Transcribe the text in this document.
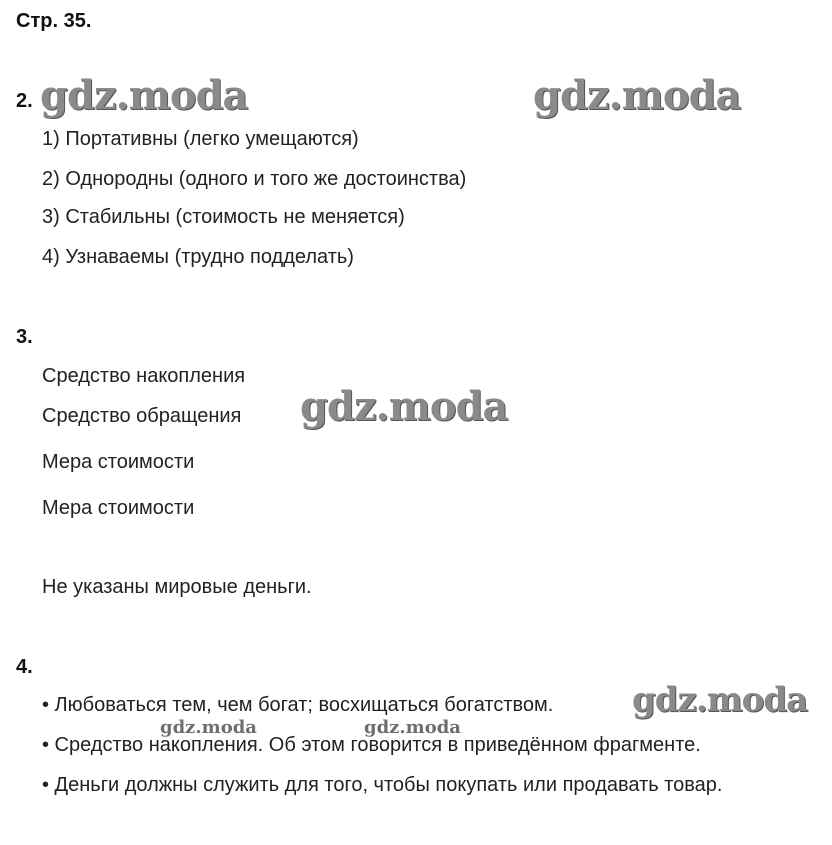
Стр. 35.
2.
1) Портативны (легко умещаются)
2) Однородны (одного и того же достоинства)
3) Стабильны (стоимость не меняется)
4) Узнаваемы (трудно подделать)
3.
Средство накопления
Средство обращения
Мера стоимости
Мера стоимости
Не указаны мировые деньги.
4.
• Любоваться тем, чем богат; восхищаться богатством.
• Средство накопления. Об этом говорится в приведённом фрагменте.
• Деньги должны служить для того, чтобы покупать или продавать товар.
gdz.moda	gdz.moda
gdz.moda
gdz.moda
gdz.moda	gdz.moda
